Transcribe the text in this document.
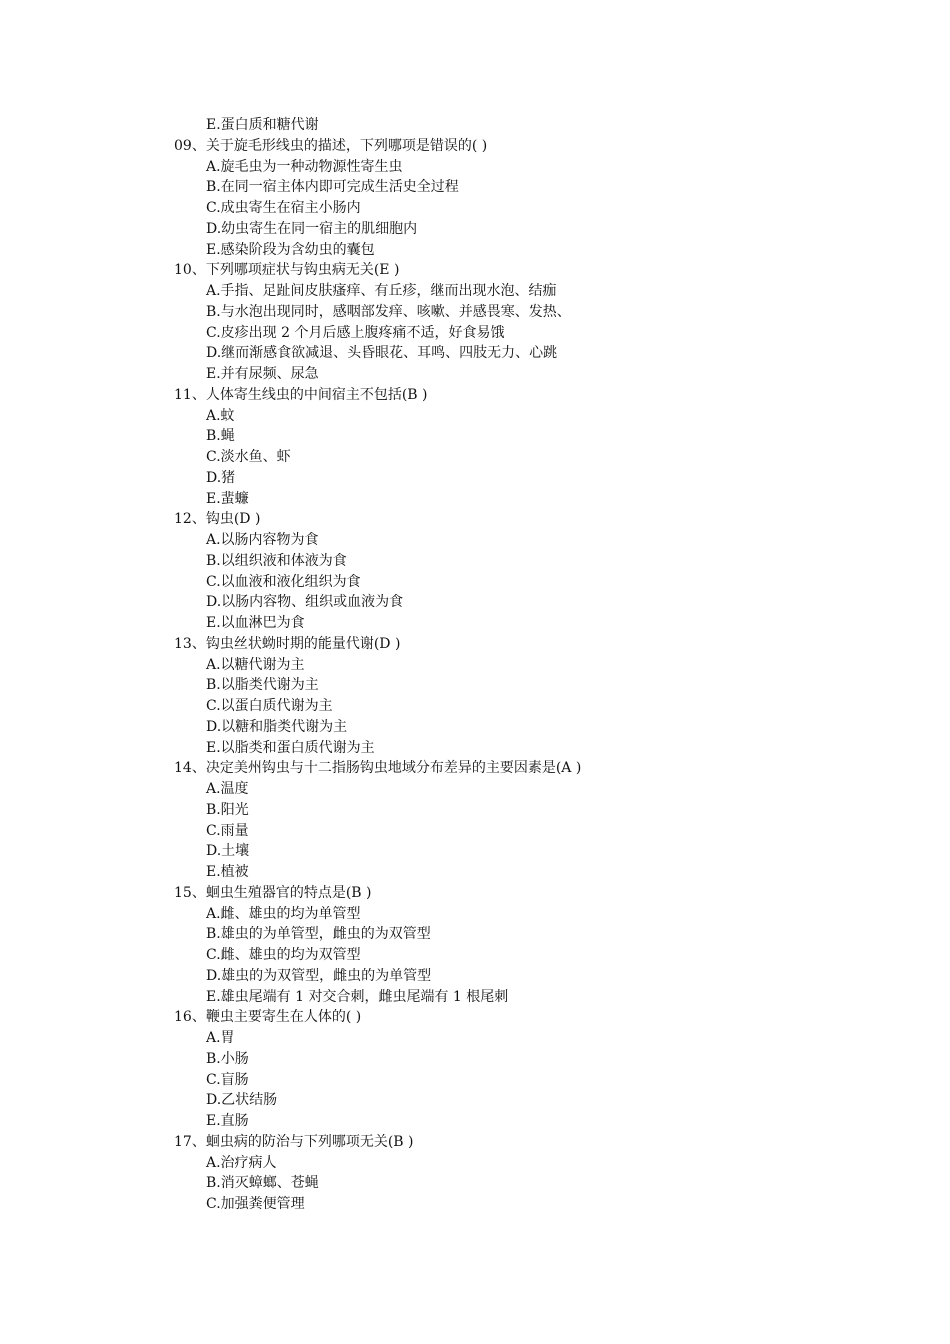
E.蛋白质和糖代谢
09、关于旋毛形线虫的描述，下列哪项是错误的( )
A.旋毛虫为一种动物源性寄生虫
B.在同一宿主体内即可完成生活史全过程
C.成虫寄生在宿主小肠内
D.幼虫寄生在同一宿主的肌细胞内
E.感染阶段为含幼虫的囊包
10、下列哪项症状与钩虫病无关(E )
A.手指、足趾间皮肤瘙痒、有丘疹，继而出现水泡、结痂
B.与水泡出现同时，感咽部发痒、咳嗽、并感畏寒、发热、
C.皮疹出现 2 个月后感上腹疼痛不适，好食易饿
D.继而渐感食欲减退、头昏眼花、耳鸣、四肢无力、心跳
E.并有尿频、尿急
11、人体寄生线虫的中间宿主不包括(B )
A.蚊
B.蝇
C.淡水鱼、虾
D.猪
E.蜚蠊
12、钩虫(D )
A.以肠内容物为食
B.以组织液和体液为食
C.以血液和液化组织为食
D.以肠内容物、组织或血液为食
E.以血淋巴为食
13、钩虫丝状蚴时期的能量代谢(D )
A.以糖代谢为主
B.以脂类代谢为主
C.以蛋白质代谢为主
D.以糖和脂类代谢为主
E.以脂类和蛋白质代谢为主
14、决定美州钩虫与十二指肠钩虫地域分布差异的主要因素是(A )
A.温度
B.阳光
C.雨量
D.土壤
E.植被
15、蛔虫生殖器官的特点是(B )
A.雌、雄虫的均为单管型
B.雄虫的为单管型，雌虫的为双管型
C.雌、雄虫的均为双管型
D.雄虫的为双管型，雌虫的为单管型
E.雄虫尾端有 1 对交合刺，雌虫尾端有 1 根尾刺
16、鞭虫主要寄生在人体的( )
A.胃
B.小肠
C.盲肠
D.乙状结肠
E.直肠
17、蛔虫病的防治与下列哪项无关(B )
A.治疗病人
B.消灭蟑螂、苍蝇
C.加强粪便管理
